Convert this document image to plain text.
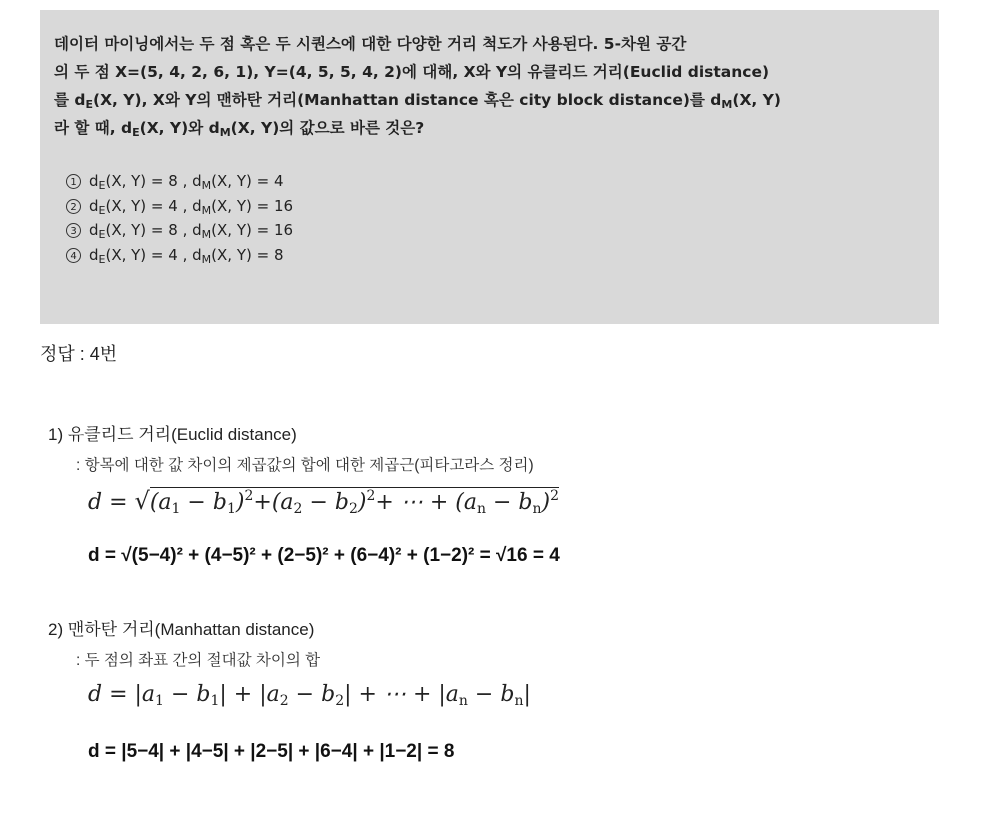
데이터 마이닝에서는 두 점 혹은 두 시퀀스에 대한 다양한 거리 척도가 사용된다. 5-차원 공간
의 두 점 X=(5, 4, 2, 6, 1), Y=(4, 5, 5, 4, 2)에 대해, X와 Y의 유클리드 거리(Euclid distance)
를 $d_E(X$, Y), X와 Y의 맨하탄 거리(Manhattan distance 혹은 city block distance)를 $d_M(X$, Y)
라 할 때, $d_E(X$, Y)와 $d_M(X$, Y)의 값으로 바른 것은?
1 $d_E(X$, Y) = 8 , $d_M(X$, Y) = 4
2 $d_E(X$, Y) = 4 , $d_M(X$, Y) = 16
3 $d_E(X$, Y) = 8 , $d_M(X$, Y) = 16
4 $d_E(X$, Y) = 4 , $d_M(X$, Y) = 8
정답 : 4번
1) 유클리드 거리(Euclid distance)
: 항목에 대한 값 차이의 제곱값의 합에 대한 제곱근(피타고라스 정리)
$d = √(a1 - b1)^2+(a2 - b2)^2+$ ⋯ + (an − bn)$^2$
d = √(5−4)² + (4−5)² + (2−5)² + (6−4)² + (1−2)² = √16 = 4
2) 맨하탄 거리(Manhattan distance)
: 두 점의 좌표 간의 절대값 차이의 합
d = |a1 − b1| + |a2 − b2| + ⋯ + |an − bn|
d = |5−4| + |4−5| + |2−5| + |6−4| + |1−2| = 8
